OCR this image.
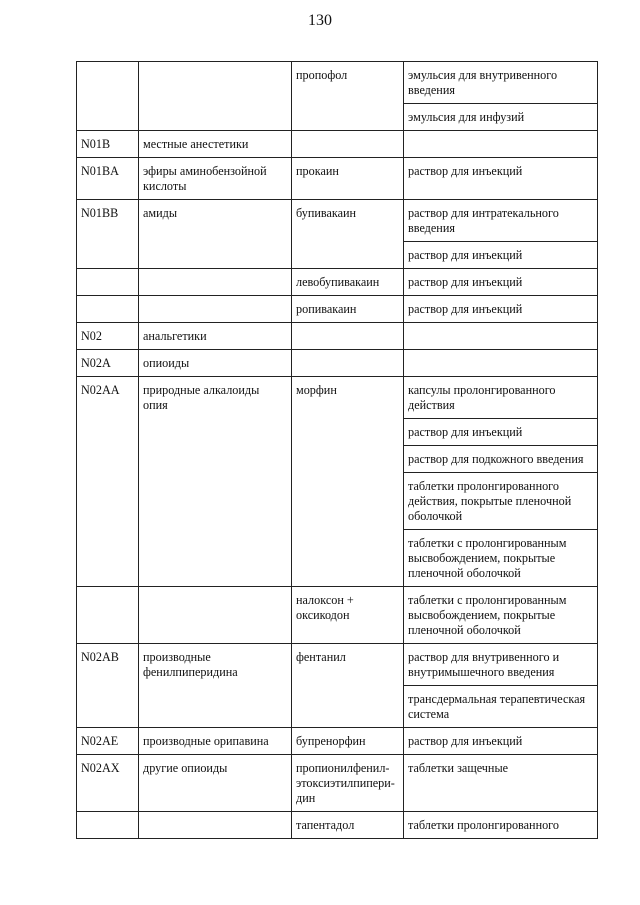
130
		пропофол	эмульсия для внутривенного введения
			эмульсия для инфузий
N01B	местные анестетики		
N01BA	эфиры аминобензойной кислоты	прокаин	раствор для инъекций
N01BB	амиды	бупивакаин	раствор для интратекального введения
			раствор для инъекций
		левобупивакаин	раствор для инъекций
		ропивакаин	раствор для инъекций
N02	анальгетики		
N02A	опиоиды		
N02AA	природные алкалоиды опия	морфин	капсулы пролонгированного действия
			раствор для инъекций
			раствор для подкожного введения
			таблетки пролонгированного действия, покрытые пленочной оболочкой
			таблетки с пролонгированным высвобождением, покрытые пленочной оболочкой
		налоксон + оксикодон	таблетки с пролонгированным высвобождением, покрытые пленочной оболочкой
N02AB	производные фенилпиперидина	фентанил	раствор для внутривенного и внутримышечного введения
			трансдермальная терапевтическая система
N02AE	производные орипавина	бупренорфин	раствор для инъекций
N02AX	другие опиоиды	пропионилфенил-этоксиэтилпипери-дин	таблетки защечные
		тапентадол	таблетки пролонгированного
